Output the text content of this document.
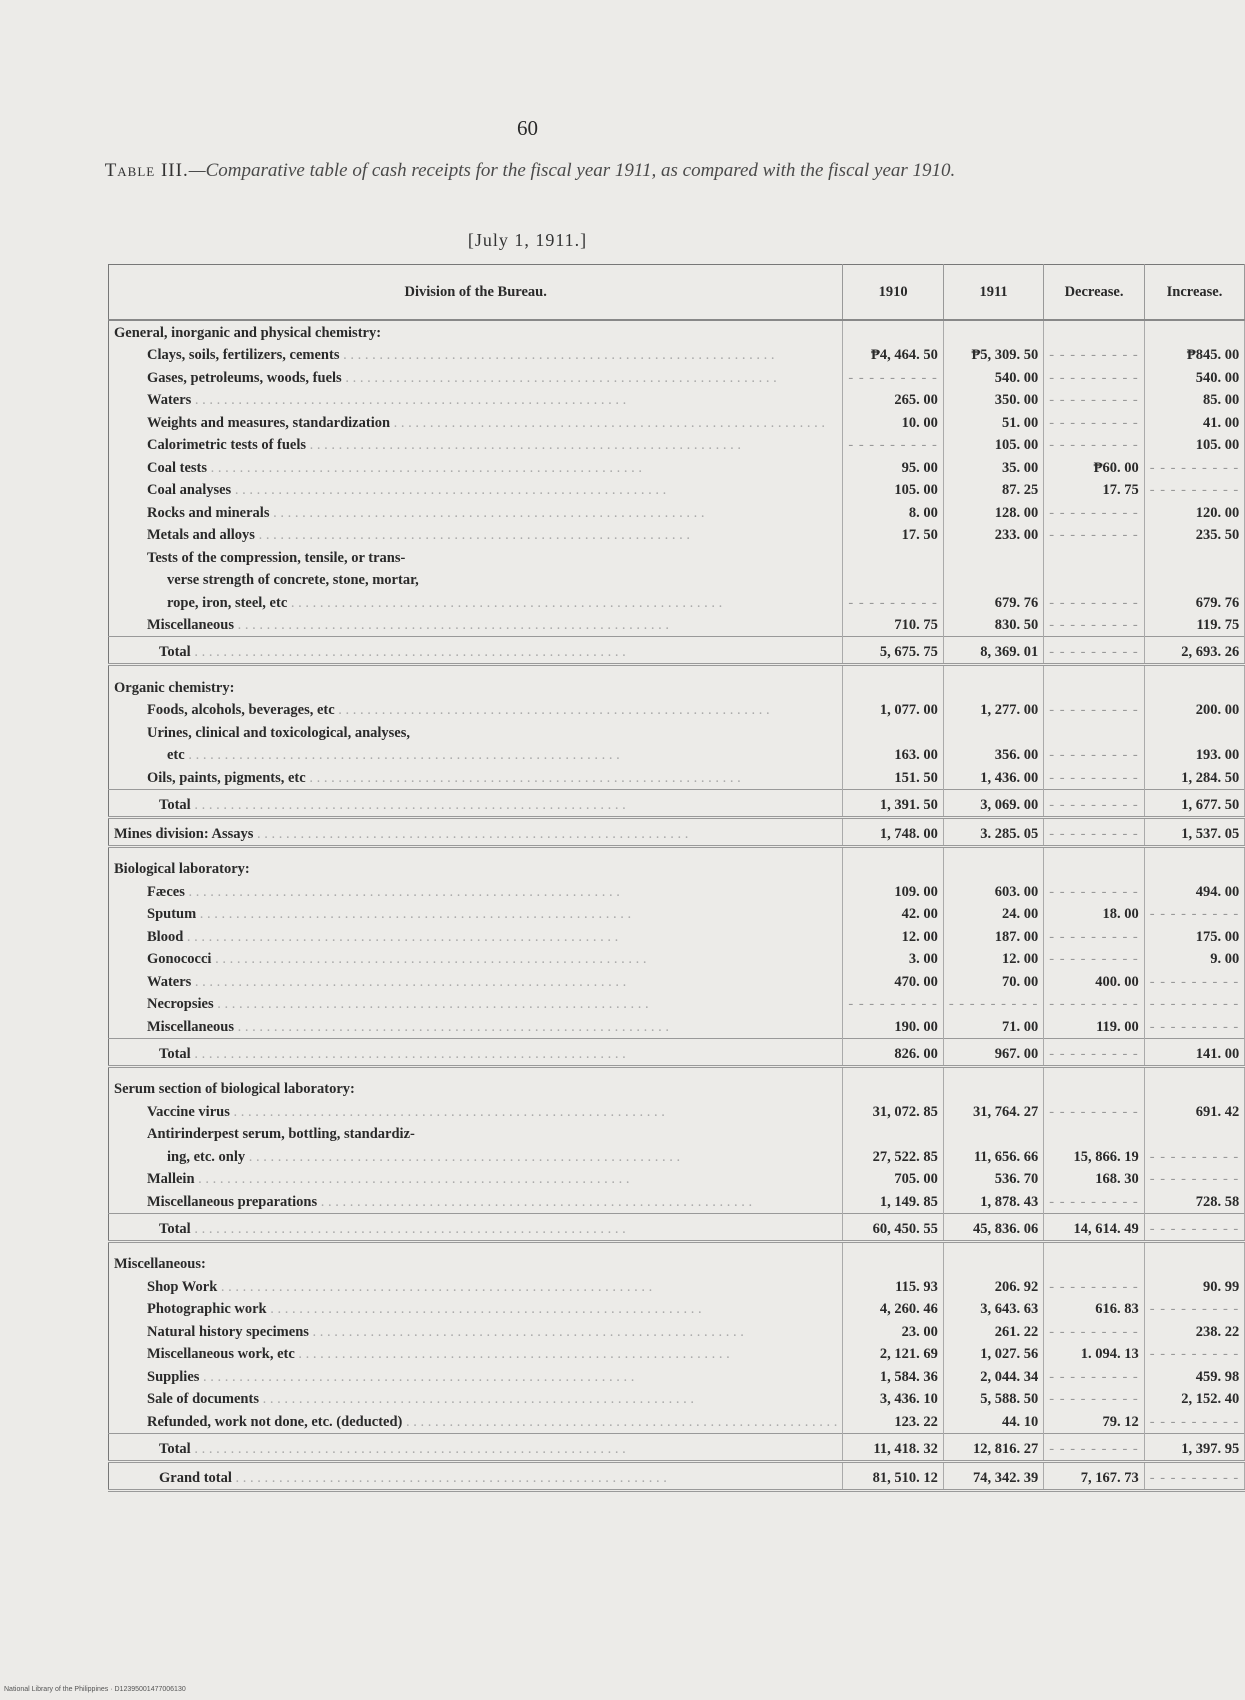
60
Table III.—Comparative table of cash receipts for the fiscal year 1911, as compared with the fiscal year 1910.
[July 1, 1911.]
Division of the Bureau.	1910	1911	Decrease.	Increase.
General, inorganic and physical chemistry:				
Clays, soils, fertilizers, cements . . .	₱4, 464. 50	₱5, 309. 50	- - - - - - - - -	₱845. 00
Gases, petroleums, woods, fuels . . .	- - - - - - - - -	540. 00	- - - - - - - - -	540. 00
Waters . . .	265. 00	350. 00	- - - - - - - - -	85. 00
Weights and measures, standardization . . .	10. 00	51. 00	- - - - - - - - -	41. 00
Calorimetric tests of fuels . . .	- - - - - - - - -	105. 00	- - - - - - - - -	105. 00
Coal tests . . .	95. 00	35. 00	₱60. 00	- - - - - - - - -
Coal analyses . . .	105. 00	87. 25	17. 75	- - - - - - - - -
Rocks and minerals . . .	8. 00	128. 00	- - - - - - - - -	120. 00
Metals and alloys . . .	17. 50	233. 00	- - - - - - - - -	235. 50
Tests of the compression, tensile, or trans-				
verse strength of concrete, stone, mortar,				
rope, iron, steel, etc . . .	- - - - - - - - -	679. 76	- - - - - - - - -	679. 76
Miscellaneous . . .	710. 75	830. 50	- - - - - - - - -	119. 75
Total . . .	5, 675. 75	8, 369. 01	- - - - - - - - -	2, 693. 26

Organic chemistry:				
Foods, alcohols, beverages, etc . . .	1, 077. 00	1, 277. 00	- - - - - - - - -	200. 00
Urines, clinical and toxicological, analyses,				
etc . . .	163. 00	356. 00	- - - - - - - - -	193. 00
Oils, paints, pigments, etc . . .	151. 50	1, 436. 00	- - - - - - - - -	1, 284. 50
Total . . .	1, 391. 50	3, 069. 00	- - - - - - - - -	1, 677. 50
Mines division: Assays . . .	1, 748. 00	3. 285. 05	- - - - - - - - -	1, 537. 05

Biological laboratory:				
Fæces . . .	109. 00	603. 00	- - - - - - - - -	494. 00
Sputum . . .	42. 00	24. 00	18. 00	- - - - - - - - -
Blood . . .	12. 00	187. 00	- - - - - - - - -	175. 00
Gonococci . . .	3. 00	12. 00	- - - - - - - - -	9. 00
Waters . . .	470. 00	70. 00	400. 00	- - - - - - - - -
Necropsies . . .	- - - - - - - - -	- - - - - - - - -	- - - - - - - - -	- - - - - - - - -
Miscellaneous . . .	190. 00	71. 00	119. 00	- - - - - - - - -
Total . . .	826. 00	967. 00	- - - - - - - - -	141. 00

Serum section of biological laboratory:				
Vaccine virus . . .	31, 072. 85	31, 764. 27	- - - - - - - - -	691. 42
Antirinderpest serum, bottling, standardiz-				
ing, etc. only . . .	27, 522. 85	11, 656. 66	15, 866. 19	- - - - - - - - -
Mallein . . .	705. 00	536. 70	168. 30	- - - - - - - - -
Miscellaneous preparations . . .	1, 149. 85	1, 878. 43	- - - - - - - - -	728. 58
Total . . .	60, 450. 55	45, 836. 06	14, 614. 49	- - - - - - - - -

Miscellaneous:				
Shop Work . . .	115. 93	206. 92	- - - - - - - - -	90. 99
Photographic work . . .	4, 260. 46	3, 643. 63	616. 83	- - - - - - - - -
Natural history specimens . . .	23. 00	261. 22	- - - - - - - - -	238. 22
Miscellaneous work, etc . . .	2, 121. 69	1, 027. 56	1. 094. 13	- - - - - - - - -
Supplies . . .	1, 584. 36	2, 044. 34	- - - - - - - - -	459. 98
Sale of documents . . .	3, 436. 10	5, 588. 50	- - - - - - - - -	2, 152. 40
Refunded, work not done, etc. (deducted) . . .	123. 22	44. 10	79. 12	- - - - - - - - -
Total . . .	11, 418. 32	12, 816. 27	- - - - - - - - -	1, 397. 95
Grand total . . .	81, 510. 12	74, 342. 39	7, 167. 73	- - - - - - - - -
National Library of the Philippines · D12395001477006130
